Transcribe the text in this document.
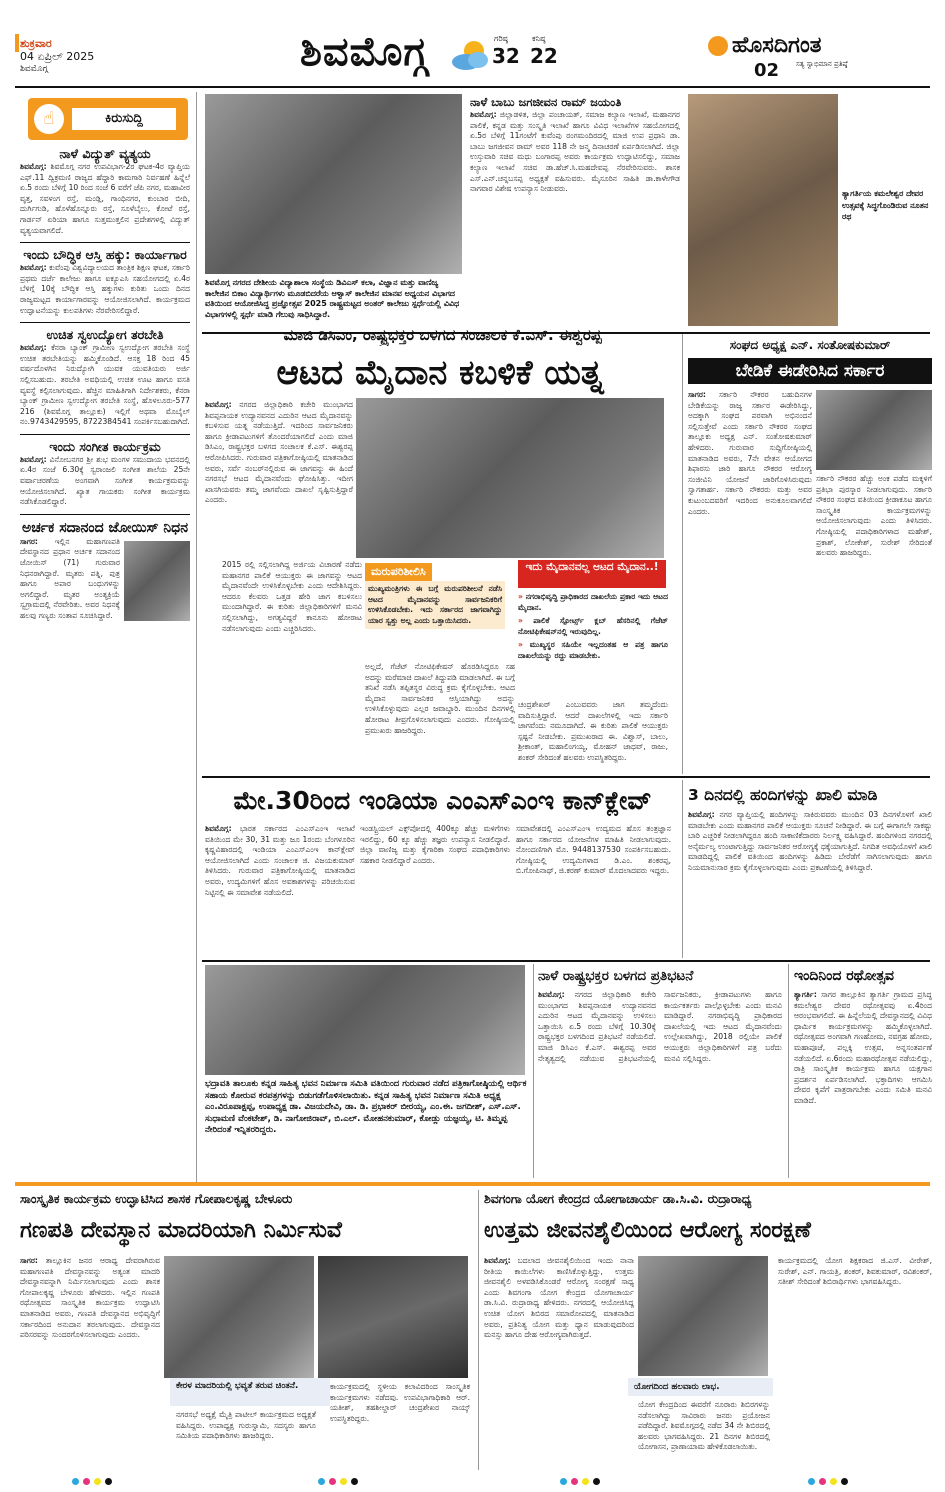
ಶುಕ್ರವಾರ
04 ಏಪ್ರಿಲ್ 2025
ಶಿವಮೊಗ್ಗ	ಶಿವಮೊಗ್ಗ	ಗರಿಷ್ಠ
32
ಕನಿಷ್ಠ
22	ಹೊಸದಿಗಂತ
ಸತ್ಯ ಸ್ವಾಭಿಮಾನ ಪ್ರತಿಷ್ಠೆ
02
☝	ಕಿರುಸುದ್ದಿ
ನಾಳೆ ವಿದ್ಯುತ್ ವ್ಯತ್ಯಯ
ಶಿವಮೊಗ್ಗ: ಶಿವಮೊಗ್ಗ ನಗರ ಉಪವಿಭಾಗ-2ರ ಘಟಕ-4ರ ವ್ಯಾಪ್ತಿಯ ಎಫ್.11 ದ್ವಿಕ್ರಮಣಿ ರಾಜ್ಯದ ಹೆದ್ದಾರಿ ಕಾಮಗಾರಿ ನಿರ್ವಹಣೆ ಹಿನ್ನೆಲೆ ಏ.5 ರಂದು ಬೆಳಿಗ್ಗೆ 10 ರಿಂದ ಸಂಜೆ 6 ವರೆಗೆ ಜೆಪಿ ನಗರ, ಮಹಾವೀರ ವೃತ್ತ, ಸವಳಂಗ ರಸ್ತೆ, ಮಂಡ್ಲಿ, ಗಾಂಧಿನಗರ, ಕುಂಬಾರ ಬೀದಿ, ದುರ್ಗಿಗುಡಿ, ಹೊಳೆಹೊನ್ನೂರು ರಸ್ತೆ, ಸೂಳೆಬೈಲು, ಕೋಟೆ ರಸ್ತೆ, ಗಾರ್ಡನ್ ಏರಿಯಾ ಹಾಗೂ ಸುತ್ತಮುತ್ತಲಿನ ಪ್ರದೇಶಗಳಲ್ಲಿ ವಿದ್ಯುತ್ ವ್ಯತ್ಯಯವಾಗಲಿದೆ.
ಇಂದು ಬೌದ್ಧಿಕ ಆಸ್ತಿ ಹಕ್ಕು: ಕಾರ್ಯಾಗಾರ
ಶಿವಮೊಗ್ಗ: ಕುವೆಂಪು ವಿಶ್ವವಿದ್ಯಾಲಯದ ತಾಂತ್ರಿಕ ಶಿಕ್ಷಣ ಘಟಕ, ಸರ್ಕಾರಿ ಪ್ರಥಮ ದರ್ಜೆ ಕಾಲೇಜು ಹಾಗೂ ಐಕ್ಯೂಎಸಿ ಸಹಯೋಗದಲ್ಲಿ ಏ.4ರ ಬೆಳಿಗ್ಗೆ 10ಕ್ಕೆ ಬೌದ್ಧಿಕ ಆಸ್ತಿ ಹಕ್ಕುಗಳು ಕುರಿತು ಒಂದು ದಿನದ ರಾಜ್ಯಮಟ್ಟದ ಕಾರ್ಯಾಗಾರವನ್ನು ಆಯೋಜಿಸಲಾಗಿದೆ. ಕಾರ್ಯಕ್ರಮದ ಉದ್ಘಾಟನೆಯನ್ನು ಕುಲಪತಿಗಳು ನೆರವೇರಿಸಲಿದ್ದಾರೆ.
ಉಚಿತ ಸ್ವಉದ್ಯೋಗ ತರಬೇತಿ
ಶಿವಮೊಗ್ಗ: ಕೆನರಾ ಬ್ಯಾಂಕ್ ಗ್ರಾಮೀಣ ಸ್ವಉದ್ಯೋಗ ತರಬೇತಿ ಸಂಸ್ಥೆ ಉಚಿತ ತರಬೇತಿಯನ್ನು ಹಮ್ಮಿಕೊಂಡಿದೆ. ಆಸಕ್ತ 18 ರಿಂದ 45 ವರ್ಷದೊಳಗಿನ ನಿರುದ್ಯೋಗಿ ಯುವಕ ಯುವತಿಯರು ಅರ್ಜಿ ಸಲ್ಲಿಸಬಹುದು. ತರಬೇತಿ ಅವಧಿಯಲ್ಲಿ ಉಚಿತ ಊಟ ಹಾಗೂ ವಸತಿ ವ್ಯವಸ್ಥೆ ಕಲ್ಪಿಸಲಾಗುವುದು. ಹೆಚ್ಚಿನ ಮಾಹಿತಿಗಾಗಿ ನಿರ್ದೇಶಕರು, ಕೆನರಾ ಬ್ಯಾಂಕ್ ಗ್ರಾಮೀಣ ಸ್ವಉದ್ಯೋಗ ತರಬೇತಿ ಸಂಸ್ಥೆ, ಹೊಳಲೂರು-577 216 (ಶಿವಮೊಗ್ಗ ತಾಲ್ಲೂಕು) ಇಲ್ಲಿಗೆ ಅಥವಾ ಮೊಬೈಲ್ ನಂ.9743429595, 8722384541 ಸಂಪರ್ಕಿಸಬಹುದಾಗಿದೆ.
ಇಂದು ಸಂಗೀತ ಕಾರ್ಯಕ್ರಮ
ಶಿವಮೊಗ್ಗ: ವಿನೋಬನಗರ ಶ್ರೀ ಶುಭ ಮಂಗಳ ಸಮುದಾಯ ಭವನದಲ್ಲಿ ಏ.4ರ ಸಂಜೆ 6.30ಕ್ಕೆ ಸ್ವರಾಂಜಲಿ ಸಂಗೀತ ಶಾಲೆಯ 25ನೇ ವರ್ಷಾಚರಣೆಯ ಅಂಗವಾಗಿ ಸಂಗೀತ ಕಾರ್ಯಕ್ರಮವನ್ನು ಆಯೋಜಿಸಲಾಗಿದೆ. ಖ್ಯಾತ ಗಾಯಕರು ಸಂಗೀತ ಕಾರ್ಯಕ್ರಮ ನಡೆಸಿಕೊಡಲಿದ್ದಾರೆ.
ಅರ್ಚಕ ಸದಾನಂದ ಜೋಯಿಸ್ ನಿಧನ
ಸಾಗರ: ಇಲ್ಲಿನ ಮಹಾಗಣಪತಿ ದೇವಸ್ಥಾನದ ಪ್ರಧಾನ ಅರ್ಚಕ ಸದಾನಂದ ಜೋಯಿಸ್ (71) ಗುರುವಾರ ನಿಧನರಾಗಿದ್ದಾರೆ. ಮೃತರು ಪತ್ನಿ, ಪುತ್ರ ಹಾಗೂ ಅಪಾರ ಬಂಧುಗಳನ್ನು ಅಗಲಿದ್ದಾರೆ. ಮೃತರ ಅಂತ್ಯಕ್ರಿಯೆ ಸ್ವಗ್ರಾಮದಲ್ಲಿ ನೆರವೇರಿತು. ಅವರ ನಿಧನಕ್ಕೆ ಹಲವು ಗಣ್ಯರು ಸಂತಾಪ ಸೂಚಿಸಿದ್ದಾರೆ.
ಶಿವಮೊಗ್ಗ ನಗರದ ದೇಶೀಯ ವಿದ್ಯಾಶಾಲಾ ಸಂಸ್ಥೆಯ ಡಿವಿಎಸ್ ಕಲಾ, ವಿಜ್ಞಾನ ಮತ್ತು ವಾಣಿಜ್ಯ ಕಾಲೇಜಿನ ಬಿಕಾಂ ವಿದ್ಯಾರ್ಥಿಗಳು ಮೂಡಬಿದರೆಯ ಆಳ್ವಾಸ್ ಕಾಲೇಜಿನ ಮಾನವ ಅಧ್ಯಯನ ವಿಭಾಗದ ವತಿಯಿಂದ ಆಯೋಜಿಸಿದ್ದ ಪ್ರಜ್ಞೋತ್ಸವ 2025 ರಾಷ್ಟ್ರಮಟ್ಟದ ಅಂತರ್ ಕಾಲೇಜು ಸ್ಪರ್ಧೆಯಲ್ಲಿ ವಿವಿಧ ವಿಭಾಗಗಳಲ್ಲಿ ಸ್ಪರ್ಧೆ ಮಾಡಿ ಗೆಲುವು ಸಾಧಿಸಿದ್ದಾರೆ.
ನಾಳೆ ಬಾಬು ಜಗಜೀವನ ರಾಮ್ ಜಯಂತಿ
ಶಿವಮೊಗ್ಗ: ಜಿಲ್ಲಾಡಳಿತ, ಜಿಲ್ಲಾ ಪಂಚಾಯತ್, ಸಮಾಜ ಕಲ್ಯಾಣ ಇಲಾಖೆ, ಮಹಾನಗರ ಪಾಲಿಕೆ, ಕನ್ನಡ ಮತ್ತು ಸಂಸ್ಕೃತಿ ಇಲಾಖೆ ಹಾಗೂ ವಿವಿಧ ಇಲಾಖೆಗಳ ಸಹಯೋಗದಲ್ಲಿ ಏ.5ರ ಬೆಳಿಗ್ಗೆ 11ಗಂಟೆಗೆ ಕುವೆಂಪು ರಂಗಮಂದಿರದಲ್ಲಿ ಮಾಜಿ ಉಪ ಪ್ರಧಾನಿ ಡಾ. ಬಾಬು ಜಗಜೀವನ ರಾಮ್ ಅವರ 118 ನೇ ಜನ್ಮ ದಿನಾಚರಣೆ ಏರ್ಪಡಿಸಲಾಗಿದೆ. ಜಿಲ್ಲಾ ಉಸ್ತುವಾರಿ ಸಚಿವ ಮಧು ಬಂಗಾರಪ್ಪ ಅವರು ಕಾರ್ಯಕ್ರಮ ಉದ್ಘಾಟಿಸಲಿದ್ದು, ಸಮಾಜ ಕಲ್ಯಾಣ ಇಲಾಖೆ ಸಚಿವ ಡಾ.ಹೆಚ್.ಸಿ.ಮಹದೇವಪ್ಪ ನೆರವೇರಿಸುವರು. ಶಾಸಕ ಎಸ್.ಎನ್.ಚನ್ನಬಸಪ್ಪ ಅಧ್ಯಕ್ಷತೆ ವಹಿಸುವರು. ಮೈಸೂರಿನ ಸಾಹಿತಿ ಡಾ.ಕಾಳೇಗೌಡ ನಾಗವಾರ ವಿಶೇಷ ಉಪನ್ಯಾಸ ನೀಡುವರು.
ತ್ಯಾಗರ್ತಿಯ ಕಮಲೇಶ್ವರ ದೇವರ ಉತ್ಸವಕ್ಕೆ ಸಿದ್ಧಗೊಂಡಿರುವ ನೂತನ ರಥ
ಮಾಜಿ ಡಿಸಿಎಂ, ರಾಷ್ಟ್ರಭಕ್ತರ ಬಳಗದ ಸಂಚಾಲಕ ಕೆ.ಎಸ್. ಈಶ್ವರಪ್ಪ
ಆಟದ ಮೈದಾನ ಕಬಳಿಕೆ ಯತ್ನ
ಶಿವಮೊಗ್ಗ: ನಗರದ ಜಿಲ್ಲಾಧಿಕಾರಿ ಕಚೇರಿ ಮುಂಭಾಗದ ಶಿವಪ್ಪನಾಯಕ ಉದ್ಯಾನವನದ ಎದುರಿನ ಆಟದ ಮೈದಾನವನ್ನು ಕಬಳಿಸುವ ಯತ್ನ ನಡೆಯುತ್ತಿದೆ. ಇದರಿಂದ ಸಾರ್ವಜನಿಕರು ಹಾಗೂ ಕ್ರೀಡಾಪಟುಗಳಿಗೆ ತೊಂದರೆಯಾಗಲಿದೆ ಎಂದು ಮಾಜಿ ಡಿಸಿಎಂ, ರಾಷ್ಟ್ರಭಕ್ತರ ಬಳಗದ ಸಂಚಾಲಕ ಕೆ.ಎಸ್. ಈಶ್ವರಪ್ಪ ಆರೋಪಿಸಿದರು. ಗುರುವಾರ ಪತ್ರಿಕಾಗೋಷ್ಠಿಯಲ್ಲಿ ಮಾತನಾಡಿದ ಅವರು, ಸರ್ವೆ ನಂಬರ್‌ನಲ್ಲಿರುವ ಈ ಜಾಗವನ್ನು ಈ ಹಿಂದೆ ನಗರಸಭೆ ಆಟದ ಮೈದಾನವೆಂದು ಘೋಷಿಸಿತ್ತು. ಇದೀಗ ಖಾಸಗಿಯವರು ತಮ್ಮ ಜಾಗವೆಂದು ದಾಖಲೆ ಸೃಷ್ಟಿಸುತ್ತಿದ್ದಾರೆ ಎಂದರು.
2015 ರಲ್ಲಿ ಸಲ್ಲಿಸಲಾಗಿದ್ದ ಅರ್ಜಿಯ ವಿಚಾರಣೆ ನಡೆದು ಮಹಾನಗರ ಪಾಲಿಕೆ ಆಯುಕ್ತರು ಈ ಜಾಗವನ್ನು ಆಟದ ಮೈದಾನವೆಂದೇ ಉಳಿಸಿಕೊಳ್ಳಬೇಕು ಎಂದು ಆದೇಶಿಸಿದ್ದರು. ಆದರೂ ಕೆಲವರು ಒತ್ತಡ ಹೇರಿ ಜಾಗ ಕಬಳಿಸಲು ಮುಂದಾಗಿದ್ದಾರೆ. ಈ ಕುರಿತು ಜಿಲ್ಲಾಧಿಕಾರಿಗಳಿಗೆ ಮನವಿ ಸಲ್ಲಿಸಲಾಗಿದ್ದು, ಅಗತ್ಯವಿದ್ದರೆ ಕಾನೂನು ಹೋರಾಟ ನಡೆಸಲಾಗುವುದು ಎಂದು ಎಚ್ಚರಿಸಿದರು.
ಮರುಪರಿಶೀಲಿಸಿ
ಮುಖ್ಯಮಂತ್ರಿಗಳು ಈ ಬಗ್ಗೆ ಮರುಪರಿಶೀಲನೆ ನಡೆಸಿ ಆಟದ ಮೈದಾನವನ್ನು ಸಾರ್ವಜನಿಕರಿಗೆ ಉಳಿಸಿಕೊಡಬೇಕು. ಇದು ಸರ್ಕಾರದ ಜಾಗವಾಗಿದ್ದು ಯಾರ ಸ್ವತ್ತು ಅಲ್ಲ ಎಂದು ಒತ್ತಾಯಿಸಿದರು.
ಅಲ್ಲದೆ, ಗೆಜೆಟ್ ನೋಟಿಫಿಕೇಷನ್ ಹೊರಡಿಸಿದ್ದರೂ ಸಹ ಅದನ್ನು ಮರೆಮಾಚಿ ದಾಖಲೆ ತಿದ್ದುಪಡಿ ಮಾಡಲಾಗಿದೆ. ಈ ಬಗ್ಗೆ ತನಿಖೆ ನಡೆಸಿ ತಪ್ಪಿತಸ್ಥರ ವಿರುದ್ಧ ಕ್ರಮ ಕೈಗೊಳ್ಳಬೇಕು. ಆಟದ ಮೈದಾನ ಸಾರ್ವಜನಿಕರ ಆಸ್ತಿಯಾಗಿದ್ದು ಅದನ್ನು ಉಳಿಸಿಕೊಳ್ಳುವುದು ಎಲ್ಲರ ಜವಾಬ್ದಾರಿ. ಮುಂದಿನ ದಿನಗಳಲ್ಲಿ ಹೋರಾಟ ತೀವ್ರಗೊಳಿಸಲಾಗುವುದು ಎಂದರು. ಗೋಷ್ಠಿಯಲ್ಲಿ ಪ್ರಮುಖರು ಹಾಜರಿದ್ದರು.
ಇದು ಮೈದಾನವಲ್ಲ ಆಟದ ಮೈದಾನ..!
» ನಗರಾಭಿವೃದ್ಧಿ ಪ್ರಾಧಿಕಾರದ ದಾಖಲೆಯ ಪ್ರಕಾರ ಇದು ಆಟದ ಮೈದಾನ.
» ಪಾಲಿಕೆ ಸ್ಪೋರ್ಟ್ಸ್ ಕ್ಲಬ್ ಹೆಸರಿನಲ್ಲಿ ಗೆಜೆಟ್ ನೋಟಿಫಿಕೇಷನ್‌ನಲ್ಲಿ ಇರುವುದಿಲ್ಲ.
» ಮುಖ್ಯಸ್ಥರ ಸಹಿಯೇ ಇಲ್ಲದಂತಹ ಆ ಪತ್ರ ಹಾಗೂ ದಾಖಲೆಯನ್ನು ರದ್ದು ಮಾಡಬೇಕು.
ಚಂದ್ರಶೇಖರ್ ಎಂಬುವವರು ಜಾಗ ತಮ್ಮದೆಂದು ವಾದಿಸುತ್ತಿದ್ದಾರೆ. ಆದರೆ ದಾಖಲೆಗಳಲ್ಲಿ ಇದು ಸರ್ಕಾರಿ ಜಾಗವೆಂದು ನಮೂದಾಗಿದೆ. ಈ ಕುರಿತು ಪಾಲಿಕೆ ಆಯುಕ್ತರು ಸ್ಪಷ್ಟನೆ ನೀಡಬೇಕು. ಪ್ರಮುಖರಾದ ಈ. ವಿಶ್ವಾಸ್, ಬಾಲು, ಶ್ರೀಕಾಂತ್, ಮಹಾಲಿಂಗಯ್ಯ, ಮೋಹನ್ ಜಾಧವ್, ರಾಜು, ಶಂಕರ್ ಸೇರಿದಂತೆ ಹಲವರು ಉಪಸ್ಥಿತರಿದ್ದರು.
ಸಂಘದ ಅಧ್ಯಕ್ಷ ಎನ್. ಸಂತೋಷಕುಮಾರ್
ಬೇಡಿಕೆ ಈಡೇರಿಸಿದ ಸರ್ಕಾರ
ಸಾಗರ: ಸರ್ಕಾರಿ ನೌಕರರ ಬಹುದಿನಗಳ ಬೇಡಿಕೆಯನ್ನು ರಾಜ್ಯ ಸರ್ಕಾರ ಈಡೇರಿಸಿದ್ದು, ಅದಕ್ಕಾಗಿ ಸಂಘದ ಪರವಾಗಿ ಅಭಿನಂದನೆ ಸಲ್ಲಿಸುತ್ತೇವೆ ಎಂದು ಸರ್ಕಾರಿ ನೌಕರರ ಸಂಘದ ತಾಲ್ಲೂಕು ಅಧ್ಯಕ್ಷ ಎನ್. ಸಂತೋಷಕುಮಾರ್ ಹೇಳಿದರು. ಗುರುವಾರ ಸುದ್ದಿಗೋಷ್ಠಿಯಲ್ಲಿ ಮಾತನಾಡಿದ ಅವರು, 7ನೇ ವೇತನ ಆಯೋಗದ ಶಿಫಾರಸು ಜಾರಿ ಹಾಗೂ ನೌಕರರ ಆರೋಗ್ಯ ಸಂಜೀವಿನಿ ಯೋಜನೆ ಜಾರಿಗೊಳಿಸಿರುವುದು ಸ್ವಾಗತಾರ್ಹ. ಸರ್ಕಾರಿ ನೌಕರರು ಮತ್ತು ಅವರ ಕುಟುಂಬದವರಿಗೆ ಇದರಿಂದ ಅನುಕೂಲವಾಗಲಿದೆ ಎಂದರು.
ಸರ್ಕಾರಿ ನೌಕರರ ಹೆಚ್ಚು ಅಂಕ ಪಡೆದ ಮಕ್ಕಳಿಗೆ ಪ್ರತಿಭಾ ಪುರಸ್ಕಾರ ನೀಡಲಾಗುವುದು. ಸರ್ಕಾರಿ ನೌಕರರ ಸಂಘದ ವತಿಯಿಂದ ಕ್ರೀಡಾಕೂಟ ಹಾಗೂ ಸಾಂಸ್ಕೃತಿಕ ಕಾರ್ಯಕ್ರಮಗಳನ್ನು ಆಯೋಜಿಸಲಾಗುವುದು ಎಂದು ತಿಳಿಸಿದರು. ಗೋಷ್ಠಿಯಲ್ಲಿ ಪದಾಧಿಕಾರಿಗಳಾದ ಮಹೇಶ್, ಪ್ರಕಾಶ್, ಲೋಕೇಶ್, ಸುರೇಶ್ ಸೇರಿದಂತೆ ಹಲವರು ಹಾಜರಿದ್ದರು.
ಮೇ.30ರಿಂದ ಇಂಡಿಯಾ ಎಂಎಸ್‌ಎಂಇ ಕಾನ್‌ಕ್ಲೇವ್
ಶಿವಮೊಗ್ಗ: ಭಾರತ ಸರ್ಕಾರದ ಎಂಎಸ್‌ಎಂಇ ಇಲಾಖೆ ವತಿಯಿಂದ ಮೇ 30, 31 ಮತ್ತು ಜೂ 1ರಂದು ಬೆಂಗಳೂರಿನ ಕೃಷ್ಣವಿಹಾರದಲ್ಲಿ ಇಂಡಿಯಾ ಎಂಎಸ್‌ಎಂಇ ಕಾನ್‌ಕ್ಲೇವ್ ಆಯೋಜಿಸಲಾಗಿದೆ ಎಂದು ಸಂಚಾಲಕ ಜಿ. ವಿಜಯಕುಮಾರ್ ತಿಳಿಸಿದರು. ಗುರುವಾರ ಪತ್ರಿಕಾಗೋಷ್ಠಿಯಲ್ಲಿ ಮಾತನಾಡಿದ ಅವರು, ಉದ್ಯಮಿಗಳಿಗೆ ಹೊಸ ಅವಕಾಶಗಳನ್ನು ಪರಿಚಯಿಸುವ ನಿಟ್ಟಿನಲ್ಲಿ ಈ ಸಮಾವೇಶ ನಡೆಯಲಿದೆ.
ಇಂಡಸ್ಟ್ರಿಯಲ್ ಎಕ್ಸ್‌ಪೋದಲ್ಲಿ 400ಕ್ಕೂ ಹೆಚ್ಚು ಮಳಿಗೆಗಳು ಇರಲಿದ್ದು, 60 ಕ್ಕೂ ಹೆಚ್ಚು ತಜ್ಞರು ಉಪನ್ಯಾಸ ನೀಡಲಿದ್ದಾರೆ. ಜಿಲ್ಲಾ ವಾಣಿಜ್ಯ ಮತ್ತು ಕೈಗಾರಿಕಾ ಸಂಘದ ಪದಾಧಿಕಾರಿಗಳು ಸಹಕಾರ ನೀಡಲಿದ್ದಾರೆ ಎಂದರು.
ಸಮಾವೇಶದಲ್ಲಿ ಎಂಎಸ್‌ಎಂಇ ಉದ್ಯಮದ ಹೊಸ ತಂತ್ರಜ್ಞಾನ ಹಾಗೂ ಸರ್ಕಾರದ ಯೋಜನೆಗಳ ಮಾಹಿತಿ ನೀಡಲಾಗುವುದು. ನೋಂದಣಿಗಾಗಿ ಮೊ. 9448137530 ಸಂಪರ್ಕಿಸಬಹುದು. ಗೋಷ್ಠಿಯಲ್ಲಿ ಉದ್ಯಮಿಗಳಾದ ಡಿ.ಎಂ. ಶಂಕರಪ್ಪ, ಬಿ.ಗೋಪಿನಾಥ್, ಜಿ.ಕರಣ್ ಕುಮಾರ್ ಮೊದಲಾದವರು ಇದ್ದರು.
3 ದಿನದಲ್ಲಿ ಹಂದಿಗಳನ್ನು ಖಾಲಿ ಮಾಡಿ
ಶಿವಮೊಗ್ಗ: ನಗರ ವ್ಯಾಪ್ತಿಯಲ್ಲಿ ಹಂದಿಗಳನ್ನು ಸಾಕಿರುವವರು ಮುಂದಿನ 03 ದಿನಗಳೊಳಗೆ ಖಾಲಿ ಮಾಡಬೇಕು ಎಂದು ಮಹಾನಗರ ಪಾಲಿಕೆ ಆಯುಕ್ತರು ಸೂಚನೆ ನೀಡಿದ್ದಾರೆ. ಈ ಬಗ್ಗೆ ಈಗಾಗಲೇ ಸಾಕಷ್ಟು ಬಾರಿ ಎಚ್ಚರಿಕೆ ನೀಡಲಾಗಿದ್ದರೂ ಹಂದಿ ಸಾಕಾಣಿಕೆದಾರರು ನಿರ್ಲಕ್ಷ್ಯ ವಹಿಸಿದ್ದಾರೆ. ಹಂದಿಗಳಿಂದ ನಗರದಲ್ಲಿ ಅನೈರ್ಮಲ್ಯ ಉಂಟಾಗುತ್ತಿದ್ದು ಸಾರ್ವಜನಿಕರ ಆರೋಗ್ಯಕ್ಕೆ ಧಕ್ಕೆಯಾಗುತ್ತಿದೆ. ನಿಗದಿತ ಅವಧಿಯೊಳಗೆ ಖಾಲಿ ಮಾಡದಿದ್ದಲ್ಲಿ ಪಾಲಿಕೆ ವತಿಯಿಂದ ಹಂದಿಗಳನ್ನು ಹಿಡಿದು ಬೇರೆಡೆಗೆ ಸಾಗಿಸಲಾಗುವುದು ಹಾಗೂ ನಿಯಮಾನುಸಾರ ಕ್ರಮ ಕೈಗೊಳ್ಳಲಾಗುವುದು ಎಂದು ಪ್ರಕಟಣೆಯಲ್ಲಿ ತಿಳಿಸಿದ್ದಾರೆ.
ಭದ್ರಾವತಿ ತಾಲೂಕು ಕನ್ನಡ ಸಾಹಿತ್ಯ ಭವನ ನಿರ್ಮಾಣ ಸಮಿತಿ ವತಿಯಿಂದ ಗುರುವಾರ ನಡೆದ ಪತ್ರಿಕಾಗೋಷ್ಠಿಯಲ್ಲಿ ಆರ್ಥಿಕ ಸಹಾಯ ಕೋರುವ ಕರಪತ್ರಗಳನ್ನು ಬಿಡುಗಡೆಗೊಳಿಸಲಾಯಿತು. ಕನ್ನಡ ಸಾಹಿತ್ಯ ಭವನ ನಿರ್ಮಾಣ ಸಮಿತಿ ಅಧ್ಯಕ್ಷ ಎಂ.ವಿರೂಪಾಕ್ಷಪ್ಪ, ಉಪಾಧ್ಯಕ್ಷ ಡಾ. ವಿಜಯದೇವಿ, ಡಾ. ಡಿ. ಪ್ರಭಾಕರ್ ಬೀರಯ್ಯ, ಎಂ.ಈ. ಜಗದೀಶ್, ಎಸ್.ಎಸ್. ಸುಧಾಮಣಿ ವೆಂಕಟೇಶ್, ಡಿ. ನಾಗೋಜಿರಾವ್, ಬಿ.ಎಲ್. ಮೋಹನಕುಮಾರ್, ಕೋಡ್ಲು ಯಜ್ಞಯ್ಯ, ಟಿ. ತಿಮ್ಮಪ್ಪ ನೇರಿದಂತೆ ಇನ್ನಿತರರಿದ್ದರು.
ನಾಳೆ ರಾಷ್ಟ್ರಭಕ್ತರ ಬಳಗದ ಪ್ರತಿಭಟನೆ
ಶಿವಮೊಗ್ಗ: ನಗರದ ಜಿಲ್ಲಾಧಿಕಾರಿ ಕಚೇರಿ ಮುಂಭಾಗದ ಶಿವಪ್ಪನಾಯಕ ಉದ್ಯಾನವನದ ಎದುರಿನ ಆಟದ ಮೈದಾನವನ್ನು ಉಳಿಸಲು ಒತ್ತಾಯಿಸಿ ಏ.5 ರಂದು ಬೆಳಿಗ್ಗೆ 10.30ಕ್ಕೆ ರಾಷ್ಟ್ರಭಕ್ತರ ಬಳಗದಿಂದ ಪ್ರತಿಭಟನೆ ನಡೆಯಲಿದೆ. ಮಾಜಿ ಡಿಸಿಎಂ ಕೆ.ಎಸ್. ಈಶ್ವರಪ್ಪ ಅವರ ನೇತೃತ್ವದಲ್ಲಿ ನಡೆಯುವ ಪ್ರತಿಭಟನೆಯಲ್ಲಿ ಸಾರ್ವಜನಿಕರು, ಕ್ರೀಡಾಪಟುಗಳು ಹಾಗೂ ಕಾರ್ಯಕರ್ತರು ಪಾಲ್ಗೊಳ್ಳಬೇಕು ಎಂದು ಮನವಿ ಮಾಡಿದ್ದಾರೆ. ನಗರಾಭಿವೃದ್ಧಿ ಪ್ರಾಧಿಕಾರದ ದಾಖಲೆಯಲ್ಲಿ ಇದು ಆಟದ ಮೈದಾನವೆಂದು ಉಲ್ಲೇಖವಾಗಿದ್ದು, 2018 ರಲ್ಲಿಯೇ ಪಾಲಿಕೆ ಆಯುಕ್ತರು ಜಿಲ್ಲಾಧಿಕಾರಿಗಳಿಗೆ ಪತ್ರ ಬರೆದು ಮನವಿ ಸಲ್ಲಿಸಿದ್ದರು.
ಇಂದಿನಿಂದ ರಥೋತ್ಸವ
ತ್ಯಾಗರ್ತಿ: ಸಾಗರ ತಾಲ್ಲೂಕಿನ ತ್ಯಾಗರ್ತಿ ಗ್ರಾಮದ ಪ್ರಸಿದ್ಧ ಕಮಲೇಶ್ವರ ದೇವರ ರಥೋತ್ಸವವು ಏ.4ರಿಂದ ಆರಂಭವಾಗಲಿದೆ. ಈ ಹಿನ್ನೆಲೆಯಲ್ಲಿ ದೇವಸ್ಥಾನದಲ್ಲಿ ವಿವಿಧ ಧಾರ್ಮಿಕ ಕಾರ್ಯಕ್ರಮಗಳನ್ನು ಹಮ್ಮಿಕೊಳ್ಳಲಾಗಿದೆ. ರಥೋತ್ಸವದ ಅಂಗವಾಗಿ ಗಣಹೋಮ, ನವಗ್ರಹ ಹೋಮ, ಮಹಾಪೂಜೆ, ಪಲ್ಲಕ್ಕಿ ಉತ್ಸವ, ಅನ್ನಸಂತರ್ಪಣೆ ನಡೆಯಲಿದೆ. ಏ.6ರಂದು ಮಹಾರಥೋತ್ಸವ ನಡೆಯಲಿದ್ದು, ರಾತ್ರಿ ಸಾಂಸ್ಕೃತಿಕ ಕಾರ್ಯಕ್ರಮ ಹಾಗೂ ಯಕ್ಷಗಾನ ಪ್ರದರ್ಶನ ಏರ್ಪಡಿಸಲಾಗಿದೆ. ಭಕ್ತಾದಿಗಳು ಆಗಮಿಸಿ ದೇವರ ಕೃಪೆಗೆ ಪಾತ್ರರಾಗಬೇಕು ಎಂದು ಸಮಿತಿ ಮನವಿ ಮಾಡಿದೆ.
ಸಾಂಸ್ಕೃತಿಕ ಕಾರ್ಯಕ್ರಮ ಉದ್ಘಾಟಿಸಿದ ಶಾಸಕ ಗೋಪಾಲಕೃಷ್ಣ ಬೇಳೂರು
ಗಣಪತಿ ದೇವಸ್ಥಾನ ಮಾದರಿಯಾಗಿ ನಿರ್ಮಿಸುವೆ
ಸಾಗರ: ತಾಲ್ಲೂಕಿನ ಜನರ ಆರಾಧ್ಯ ದೇವರಾಗಿರುವ ಮಹಾಗಣಪತಿ ದೇವಸ್ಥಾನವನ್ನು ಅತ್ಯಂತ ಮಾದರಿ ದೇವಸ್ಥಾನವನ್ನಾಗಿ ನಿರ್ಮಿಸಲಾಗುವುದು ಎಂದು ಶಾಸಕ ಗೋಪಾಲಕೃಷ್ಣ ಬೇಳೂರು ಹೇಳಿದರು. ಇಲ್ಲಿನ ಗಣಪತಿ ರಥೋತ್ಸವದ ಸಾಂಸ್ಕೃತಿಕ ಕಾರ್ಯಕ್ರಮ ಉದ್ಘಾಟಿಸಿ ಮಾತನಾಡಿದ ಅವರು, ಗಣಪತಿ ದೇವಸ್ಥಾನದ ಅಭಿವೃದ್ಧಿಗೆ ಸರ್ಕಾರದಿಂದ ಅನುದಾನ ತರಲಾಗುವುದು. ದೇವಸ್ಥಾನದ ಪರಿಸರವನ್ನು ಸುಂದರಗೊಳಿಸಲಾಗುವುದು ಎಂದರು.
ಕೇರಳ ಮಾದರಿಯಲ್ಲಿ ಭವ್ಯತೆ ತರುವ ಚಿಂತನೆ.
ನಗರಸಭೆ ಅಧ್ಯಕ್ಷೆ ಮೈತ್ರಿ ಪಾಟೀಲ್ ಕಾರ್ಯಕ್ರಮದ ಅಧ್ಯಕ್ಷತೆ ವಹಿಸಿದ್ದರು. ಉಪಾಧ್ಯಕ್ಷ ಗುರುಸ್ವಾಮಿ, ಸದಸ್ಯರು ಹಾಗೂ ಸಮಿತಿಯ ಪದಾಧಿಕಾರಿಗಳು ಹಾಜರಿದ್ದರು.
ಕಾರ್ಯಕ್ರಮದಲ್ಲಿ ಸ್ಥಳೀಯ ಕಲಾವಿದರಿಂದ ಸಾಂಸ್ಕೃತಿಕ ಕಾರ್ಯಕ್ರಮಗಳು ನಡೆದವು. ಉಪವಿಭಾಗಾಧಿಕಾರಿ ಆರ್. ಯತೀಶ್, ತಹಶೀಲ್ದಾರ್ ಚಂದ್ರಶೇಖರ ನಾಯ್ಕ್ ಉಪಸ್ಥಿತರಿದ್ದರು.
ಶಿವಗಂಗಾ ಯೋಗ ಕೇಂದ್ರದ ಯೋಗಾಚಾರ್ಯ ಡಾ.ಸಿ.ವಿ. ರುದ್ರಾರಾಧ್ಯ
ಉತ್ತಮ ಜೀವನಶೈಲಿಯಿಂದ ಆರೋಗ್ಯ ಸಂರಕ್ಷಣೆ
ಶಿವಮೊಗ್ಗ: ಬದಲಾದ ಜೀವನಶೈಲಿಯಿಂದ ಇಂದು ನಾನಾ ರೀತಿಯ ಕಾಯಿಲೆಗಳು ಕಾಣಿಸಿಕೊಳ್ಳುತ್ತಿದ್ದು, ಉತ್ತಮ ಜೀವನಶೈಲಿ ಅಳವಡಿಸಿಕೊಂಡರೆ ಆರೋಗ್ಯ ಸಂರಕ್ಷಣೆ ಸಾಧ್ಯ ಎಂದು ಶಿವಗಂಗಾ ಯೋಗ ಕೇಂದ್ರದ ಯೋಗಾಚಾರ್ಯ ಡಾ.ಸಿ.ವಿ. ರುದ್ರಾರಾಧ್ಯ ಹೇಳಿದರು. ನಗರದಲ್ಲಿ ಆಯೋಜಿಸಿದ್ದ ಉಚಿತ ಯೋಗ ಶಿಬಿರದ ಸಮಾರೋಪದಲ್ಲಿ ಮಾತನಾಡಿದ ಅವರು, ಪ್ರತಿನಿತ್ಯ ಯೋಗ ಮತ್ತು ಧ್ಯಾನ ಮಾಡುವುದರಿಂದ ಮನಸ್ಸು ಹಾಗೂ ದೇಹ ಆರೋಗ್ಯವಾಗಿರುತ್ತದೆ.
ಯೋಗದಿಂದ ಹಲವಾರು ಲಾಭ.
ಯೋಗ ಕೇಂದ್ರದಿಂದ ಈವರೆಗೆ ನೂರಾರು ಶಿಬಿರಗಳನ್ನು ನಡೆಸಲಾಗಿದ್ದು ಸಾವಿರಾರು ಜನರು ಪ್ರಯೋಜನ ಪಡೆದಿದ್ದಾರೆ. ಶಿವಮೊಗ್ಗದಲ್ಲಿ ನಡೆದ 34 ನೇ ಶಿಬಿರದಲ್ಲಿ ಹಲವರು ಭಾಗವಹಿಸಿದ್ದರು. 21 ದಿನಗಳ ಶಿಬಿರದಲ್ಲಿ ಯೋಗಾಸನ, ಪ್ರಾಣಾಯಾಮ ಹೇಳಿಕೊಡಲಾಯಿತು.
ಕಾರ್ಯಕ್ರಮದಲ್ಲಿ ಯೋಗ ಶಿಕ್ಷಕರಾದ ಜಿ.ಎಸ್. ವೀರೇಶ್, ಸುರೇಶ್, ಎನ್. ಗಾಯತ್ರಿ, ಶಂಕರ್, ಶಿವಕುಮಾರ್, ರವಿಶಂಕರ್, ಸತೀಶ್ ಸೇರಿದಂತೆ ಶಿಬಿರಾರ್ಥಿಗಳು ಭಾಗವಹಿಸಿದ್ದರು.
